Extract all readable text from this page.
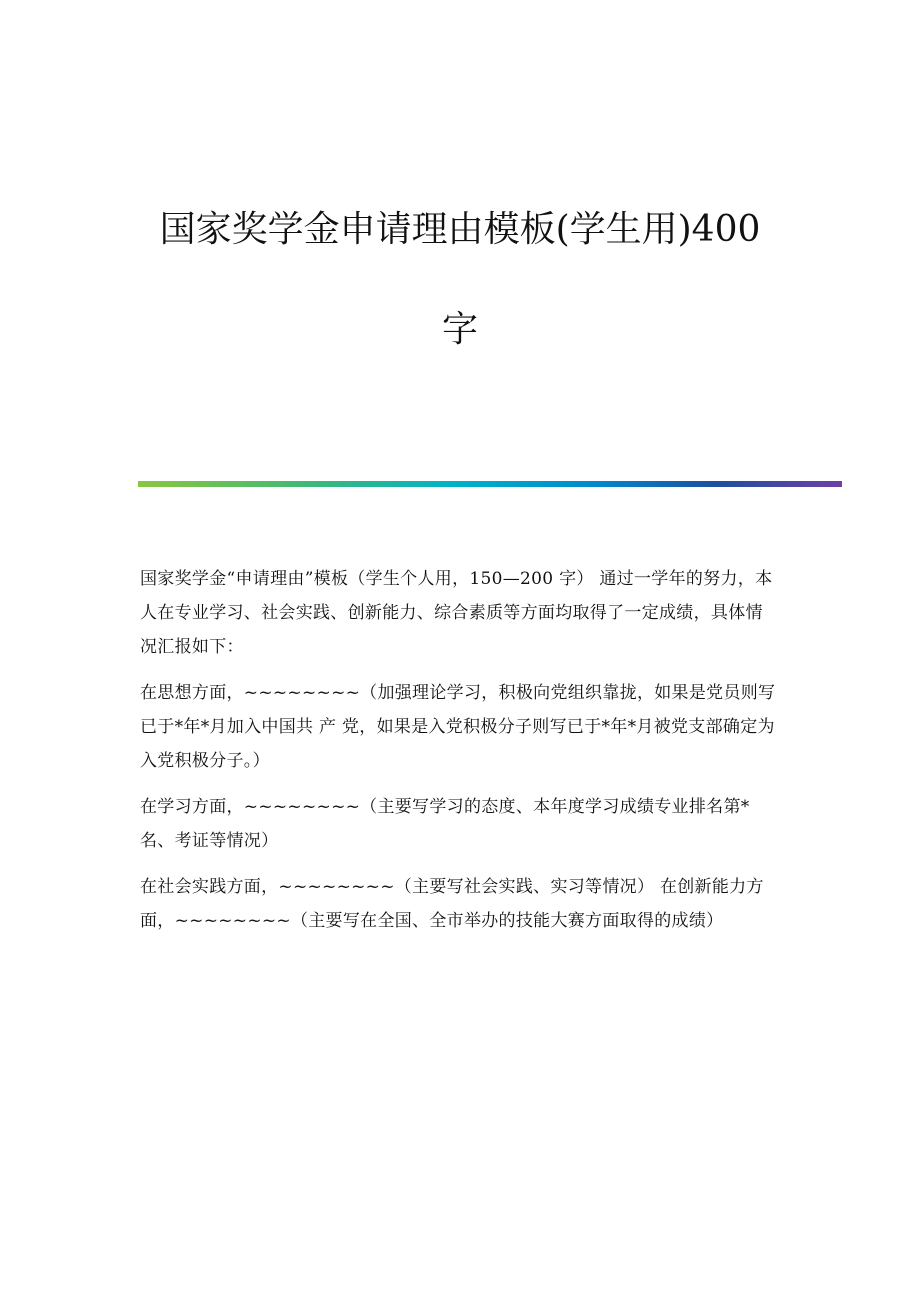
国家奖学金申请理由模板(学生用)400
字

国家奖学金“申请理由”模板（学生个人用，150—200 字） 通过一学年的努力，本人在专业学习、社会实践、创新能力、综合素质等方面均取得了一定成绩，具体情况汇报如下：

在思想方面，~~~~~~~~（加强理论学习，积极向党组织靠拢，如果是党员则写已于*年*月加入中国共 产 党，如果是入党积极分子则写已于*年*月被党支部确定为入党积极分子。）

在学习方面，~~~~~~~~（主要写学习的态度、本年度学习成绩专业排名第*名、考证等情况）

在社会实践方面，~~~~~~~~（主要写社会实践、实习等情况） 在创新能力方面，~~~~~~~~（主要写在全国、全市举办的技能大赛方面取得的成绩）
